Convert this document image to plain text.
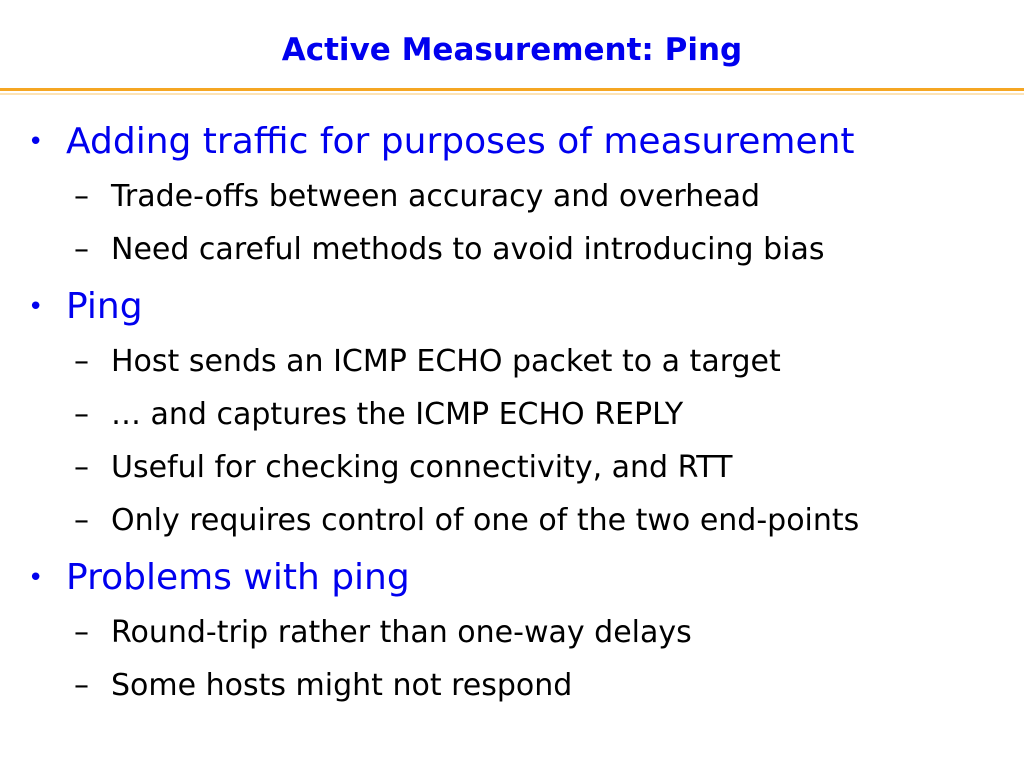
Active Measurement: Ping
• Adding traffic for purposes of measurement
– Trade-offs between accuracy and overhead
– Need careful methods to avoid introducing bias
• Ping
– Host sends an ICMP ECHO packet to a target
– … and captures the ICMP ECHO REPLY
– Useful for checking connectivity, and RTT
– Only requires control of one of the two end-points
• Problems with ping
– Round-trip rather than one-way delays
– Some hosts might not respond
